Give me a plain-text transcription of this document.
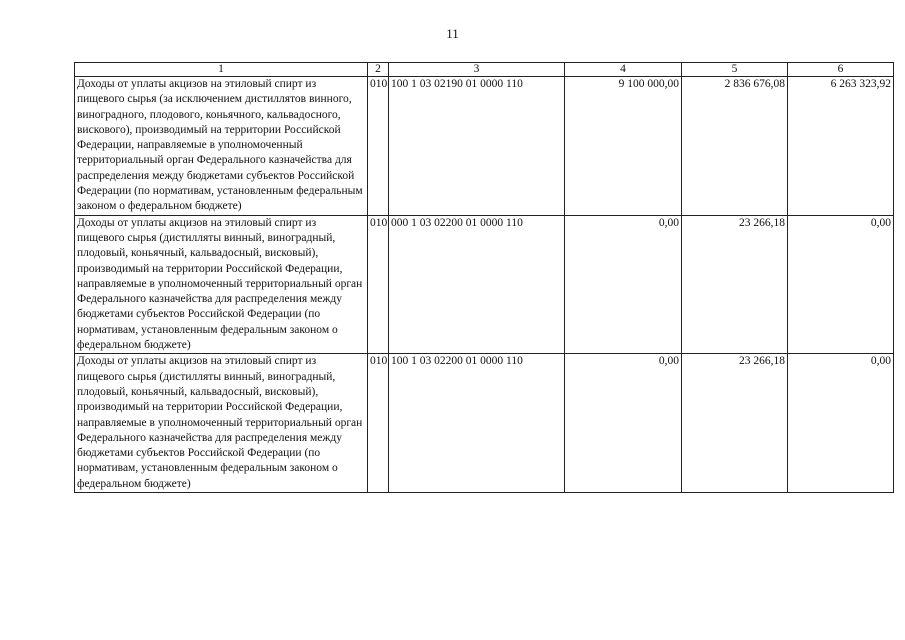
11
1	2	3	4	5	6
Доходы от уплаты акцизов на этиловый спирт из пищевого сырья (за исключением дистиллятов винного, виноградного, плодового, коньячного, кальвадосного, вискового), производимый на территории Российской Федерации, направляемые в уполномоченный территориальный орган Федерального казначейства для распределения между бюджетами субъектов Российской Федерации (по нормативам, установленным федеральным законом о федеральном бюджете)	010	100 1 03 02190 01 0000 110	9 100 000,00	2 836 676,08	6 263 323,92
Доходы от уплаты акцизов на этиловый спирт из пищевого сырья (дистилляты винный, виноградный, плодовый, коньячный, кальвадосный, висковый), производимый на территории Российской Федерации, направляемые в уполномоченный территориальный орган Федерального казначейства для распределения между бюджетами субъектов Российской Федерации (по нормативам, установленным федеральным законом о федеральном бюджете)	010	000 1 03 02200 01 0000 110	0,00	23 266,18	0,00
Доходы от уплаты акцизов на этиловый спирт из пищевого сырья (дистилляты винный, виноградный, плодовый, коньячный, кальвадосный, висковый), производимый на территории Российской Федерации, направляемые в уполномоченный территориальный орган Федерального казначейства для распределения между бюджетами субъектов Российской Федерации (по нормативам, установленным федеральным законом о федеральном бюджете)	010	100 1 03 02200 01 0000 110	0,00	23 266,18	0,00
